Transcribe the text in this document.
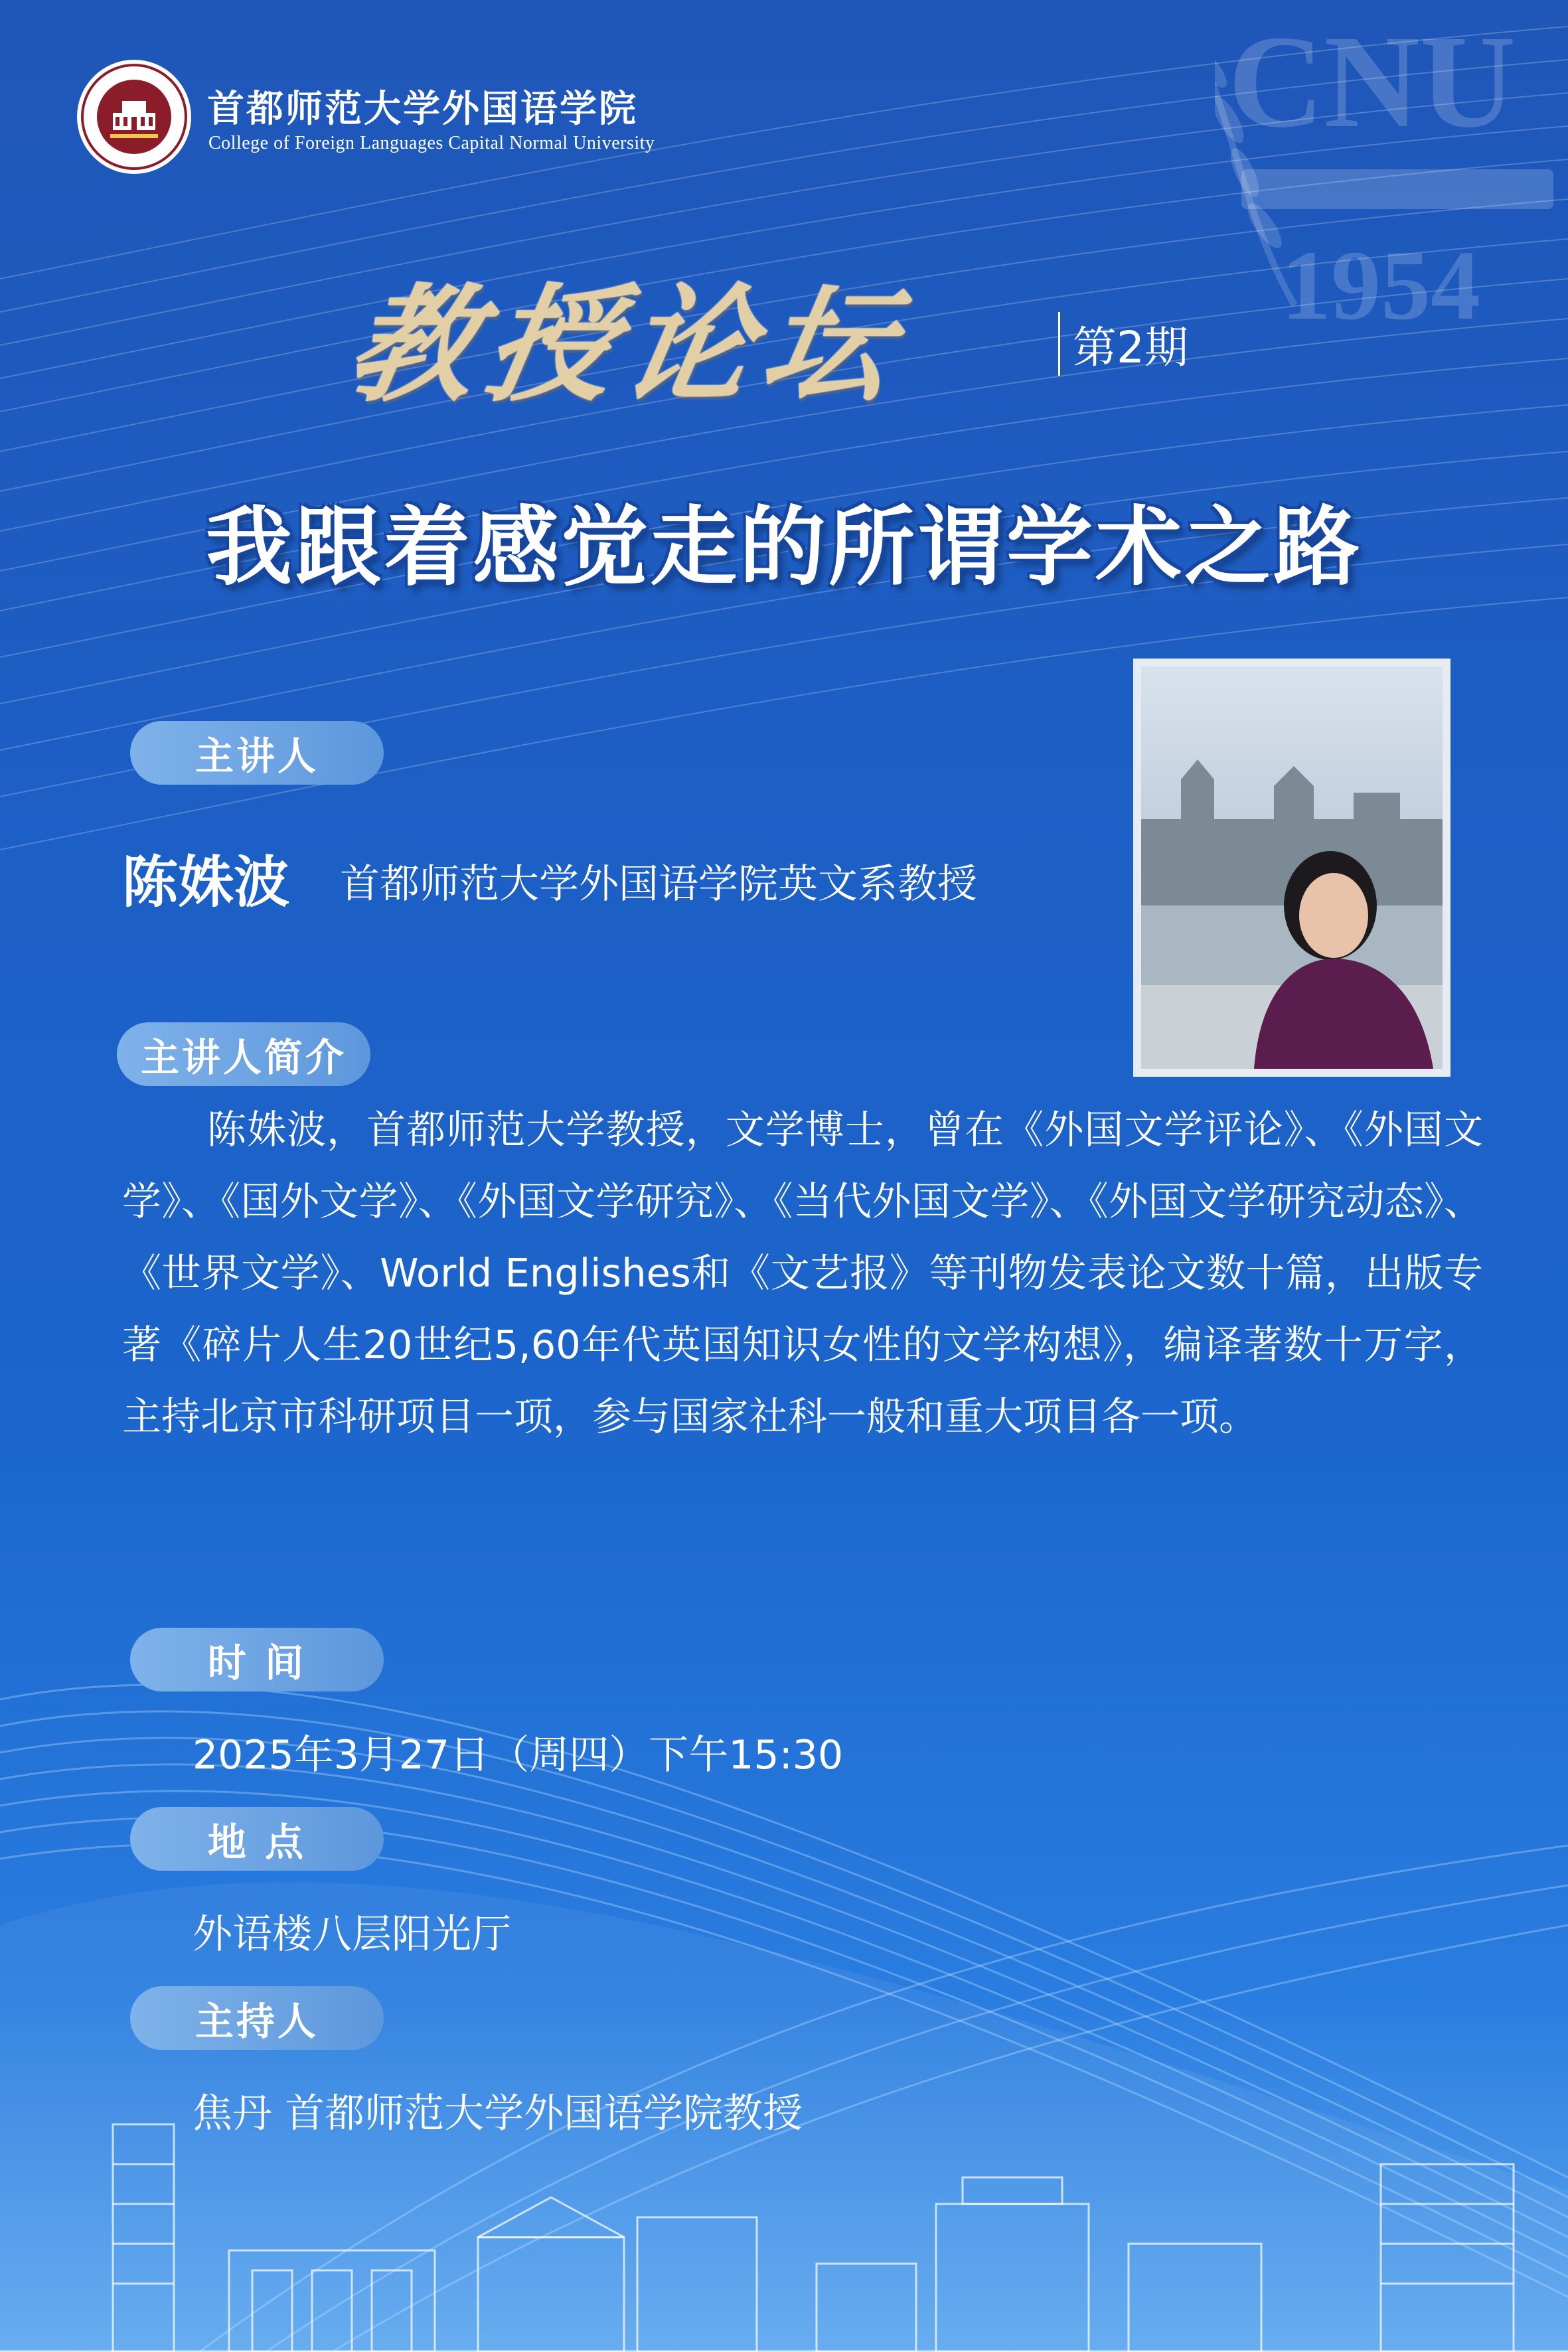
CNU
1954
首都师范大学外国语学院
College of Foreign Languages Capital Normal University
教授论坛	第2期
我跟着感觉走的所谓学术之路
主讲人
陈姝波 首都师范大学外国语学院英文系教授
主讲人简介
陈姝波，首都师范大学教授，文学博士，曾在《外国文学评论》、《外国文学》、《国外文学》、《外国文学研究》、《当代外国文学》、《外国文学研究动态》、《世界文学》、World Englishes和《文艺报》等刊物发表论文数十篇，出版专著《碎片人生20世纪5,60年代英国知识女性的文学构想》，编译著数十万字，主持北京市科研项目一项，参与国家社科一般和重大项目各一项。
时 间
2025年3月27日（周四）下午15:30
地 点
外语楼八层阳光厅
主持人
焦丹 首都师范大学外国语学院教授
